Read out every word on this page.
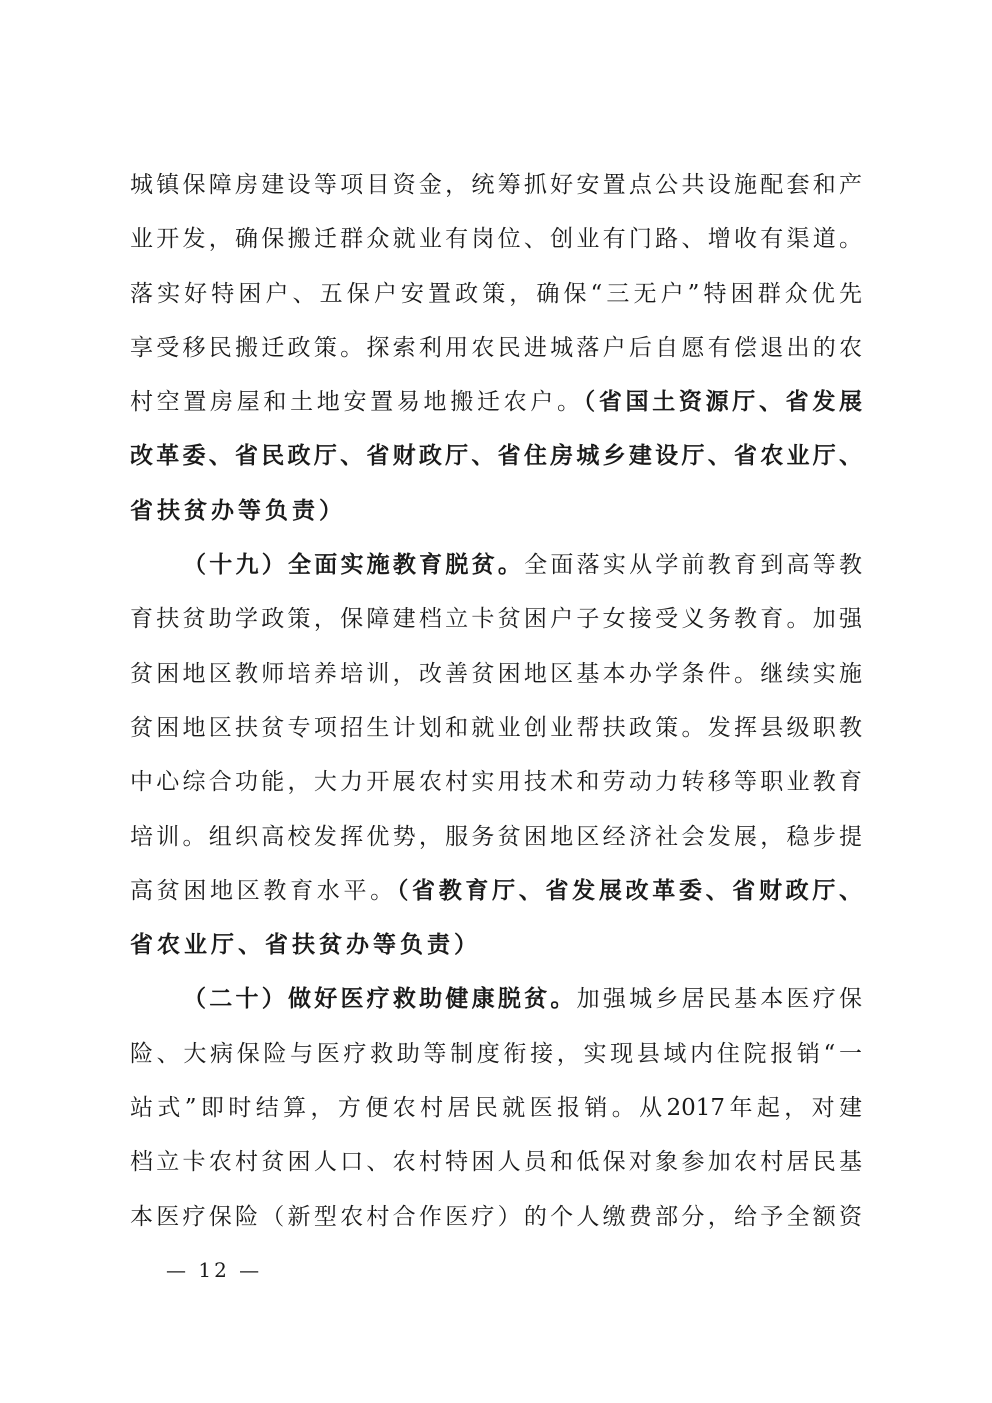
城镇保障房建设等项目资金，统筹抓好安置点公共设施配套和产
业开发，确保搬迁群众就业有岗位、创业有门路、增收有渠道。
落实好特困户、五保户安置政策，确保“三无户”特困群众优先
享受移民搬迁政策。探索利用农民进城落户后自愿有偿退出的农
村空置房屋和土地安置易地搬迁农户。（省国土资源厅、省发展
改革委、省民政厅、省财政厅、省住房城乡建设厅、省农业厅、
省扶贫办等负责）
（十九）全面实施教育脱贫。全面落实从学前教育到高等教
育扶贫助学政策，保障建档立卡贫困户子女接受义务教育。加强
贫困地区教师培养培训，改善贫困地区基本办学条件。继续实施
贫困地区扶贫专项招生计划和就业创业帮扶政策。发挥县级职教
中心综合功能，大力开展农村实用技术和劳动力转移等职业教育
培训。组织高校发挥优势，服务贫困地区经济社会发展，稳步提
高贫困地区教育水平。（省教育厅、省发展改革委、省财政厅、
省农业厅、省扶贫办等负责）
（二十）做好医疗救助健康脱贫。加强城乡居民基本医疗保
险、大病保险与医疗救助等制度衔接，实现县域内住院报销“一
站式”即时结算，方便农村居民就医报销。从2017年起，对建
档立卡农村贫困人口、农村特困人员和低保对象参加农村居民基
本医疗保险（新型农村合作医疗）的个人缴费部分，给予全额资
— 12 —
